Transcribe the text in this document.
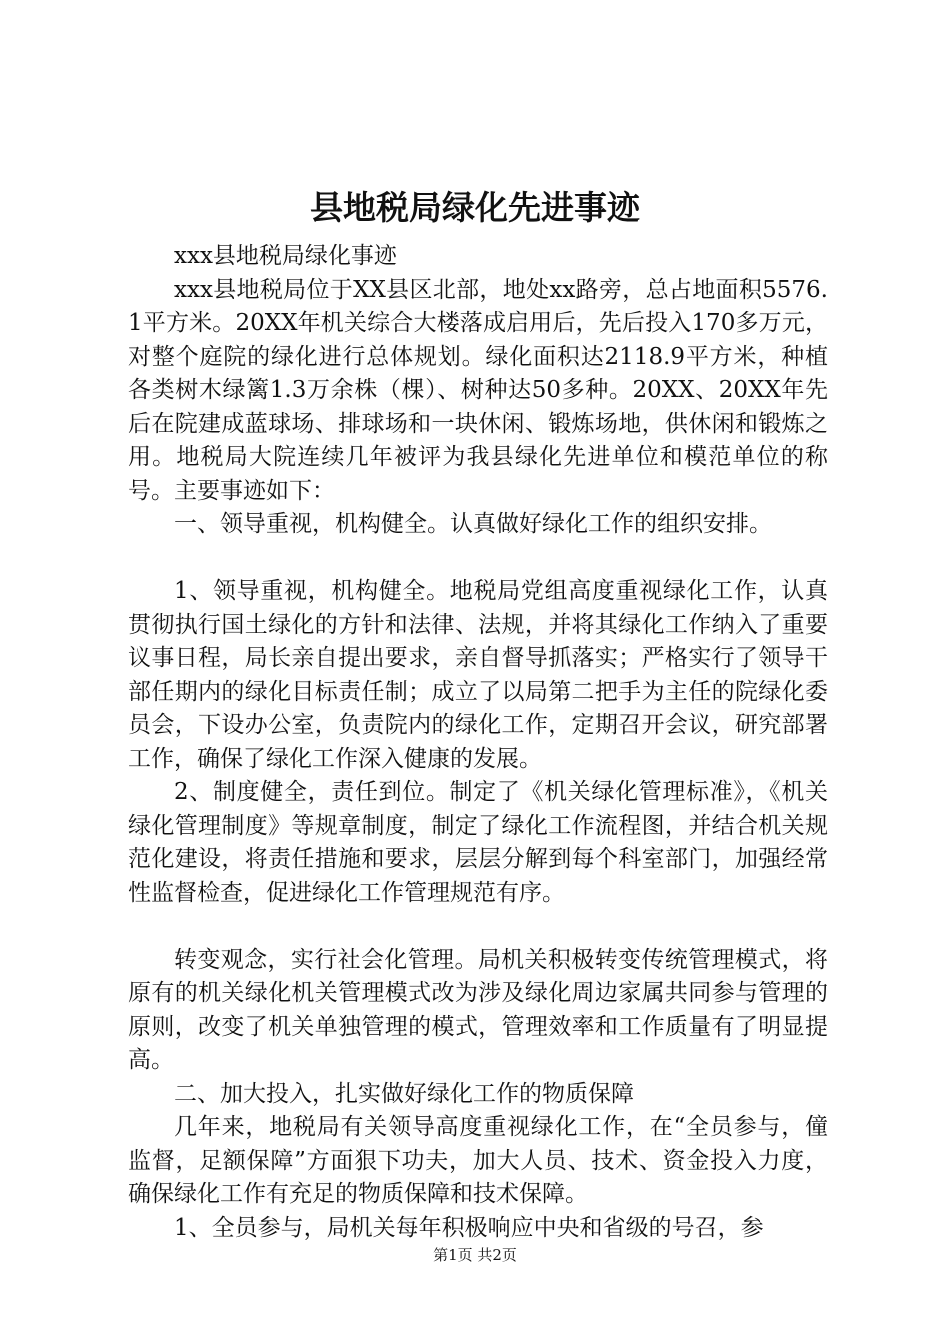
县地税局绿化先进事迹

xxx县地税局绿化事迹

xxx县地税局位于XX县区北部，地处xx路旁，总占地面积5576.1平方米。20XX年机关综合大楼落成启用后，先后投入170多万元，对整个庭院的绿化进行总体规划。绿化面积达2118.9平方米，种植各类树木绿篱1.3万余株（棵）、树种达50多种。20XX、20XX年先后在院建成蓝球场、排球场和一块休闲、锻炼场地，供休闲和锻炼之用。地税局大院连续几年被评为我县绿化先进单位和模范单位的称号。主要事迹如下：

一、领导重视，机构健全。认真做好绿化工作的组织安排。

1、领导重视，机构健全。地税局党组高度重视绿化工作，认真贯彻执行国土绿化的方针和法律、法规，并将其绿化工作纳入了重要议事日程，局长亲自提出要求，亲自督导抓落实；严格实行了领导干部任期内的绿化目标责任制；成立了以局第二把手为主任的院绿化委员会，下设办公室，负责院内的绿化工作，定期召开会议，研究部署工作，确保了绿化工作深入健康的发展。

2、制度健全，责任到位。制定了《机关绿化管理标准》，《机关绿化管理制度》等规章制度，制定了绿化工作流程图，并结合机关规范化建设，将责任措施和要求，层层分解到每个科室部门，加强经常性监督检查，促进绿化工作管理规范有序。

转变观念，实行社会化管理。局机关积极转变传统管理模式，将原有的机关绿化机关管理模式改为涉及绿化周边家属共同参与管理的原则，改变了机关单独管理的模式，管理效率和工作质量有了明显提高。

二、加大投入，扎实做好绿化工作的物质保障

几年来，地税局有关领导高度重视绿化工作，在“全员参与，僮监督，足额保障”方面狠下功夫，加大人员、技术、资金投入力度，确保绿化工作有充足的物质保障和技术保障。

1、全员参与，局机关每年积极响应中央和省级的号召，参

第1页 共2页
